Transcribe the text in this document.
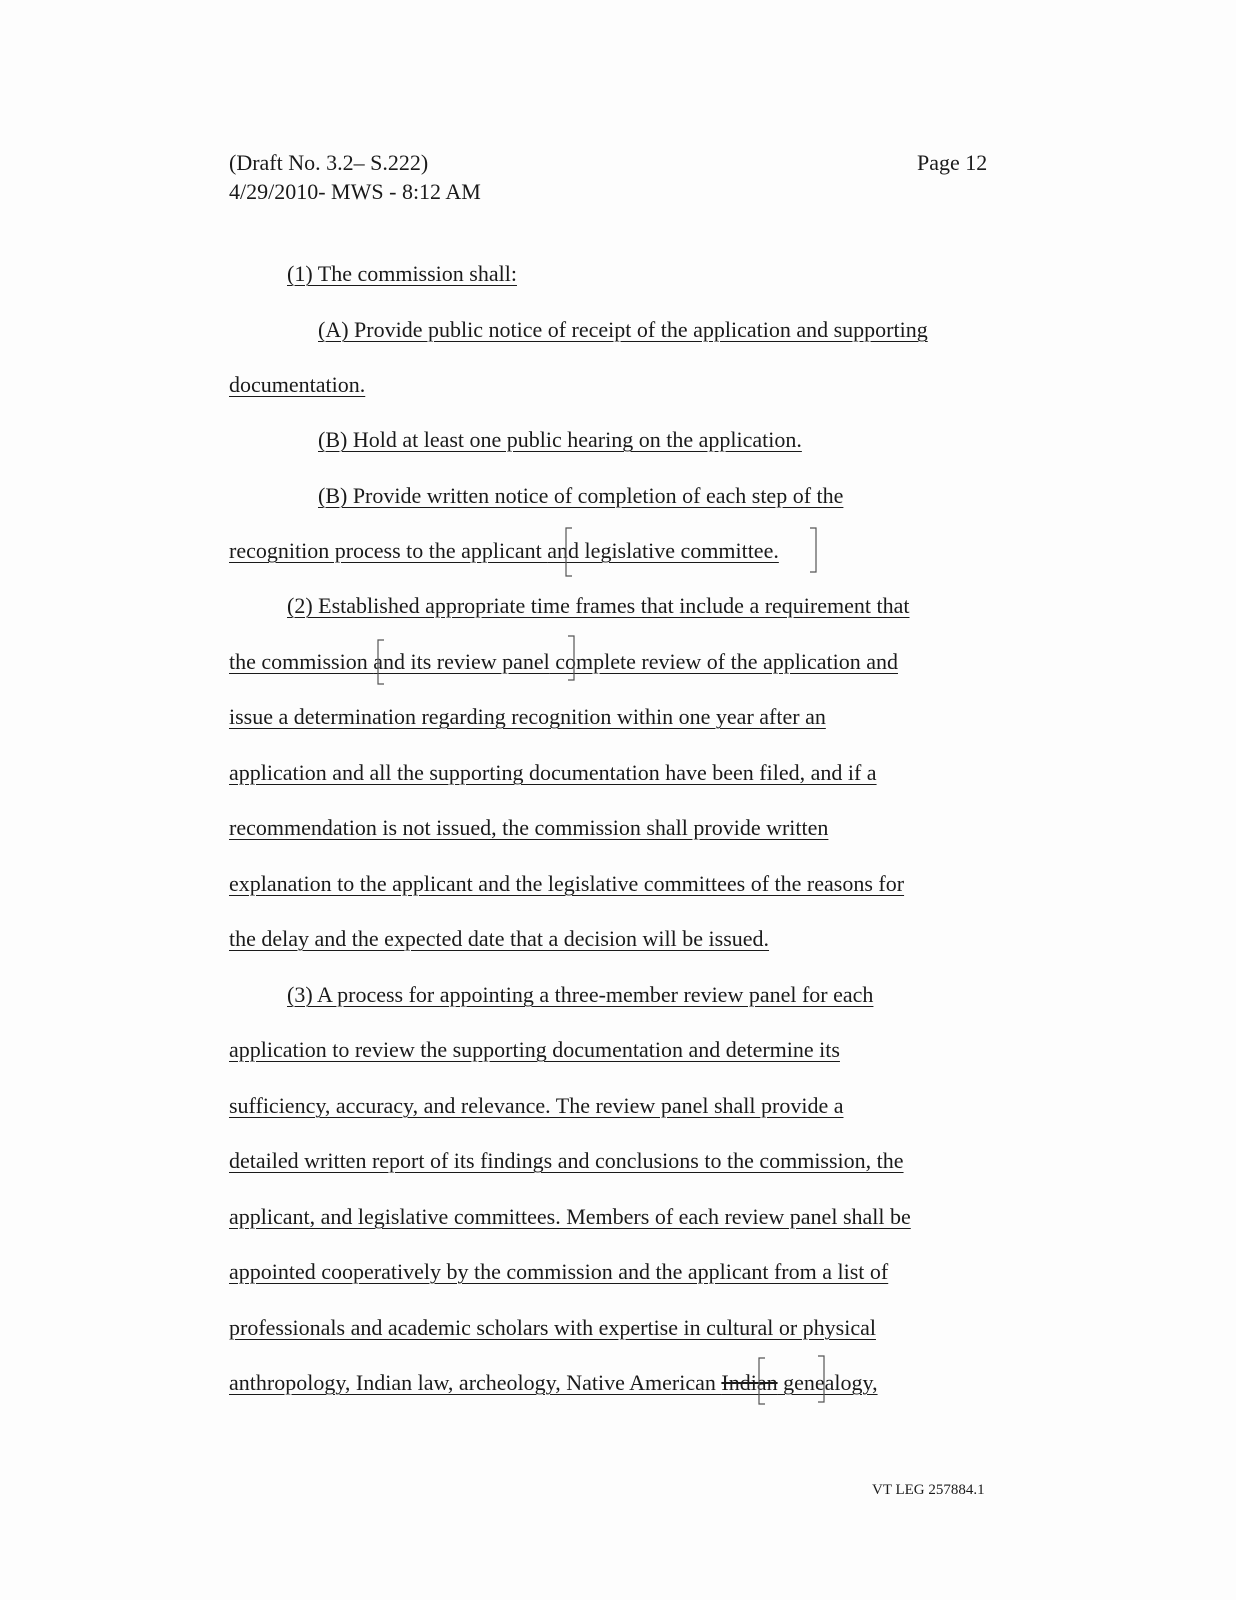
(Draft No. 3.2– S.222)
4/29/2010- MWS - 8:12 AM
Page 12
(1) The commission shall:
(A) Provide public notice of receipt of the application and supporting
documentation.
(B) Hold at least one public hearing on the application.
(B) Provide written notice of completion of each step of the
recognition process to the applicant and legislative committee.
(2) Established appropriate time frames that include a requirement that
the commission and its review panel complete review of the application and
issue a determination regarding recognition within one year after an
application and all the supporting documentation have been filed, and if a
recommendation is not issued, the commission shall provide written
explanation to the applicant and the legislative committees of the reasons for
the delay and the expected date that a decision will be issued.
(3) A process for appointing a three-member review panel for each
application to review the supporting documentation and determine its
sufficiency, accuracy, and relevance. The review panel shall provide a
detailed written report of its findings and conclusions to the commission, the
applicant, and legislative committees. Members of each review panel shall be
appointed cooperatively by the commission and the applicant from a list of
professionals and academic scholars with expertise in cultural or physical
anthropology, Indian law, archeology, Native American Indian genealogy,
VT LEG 257884.1
